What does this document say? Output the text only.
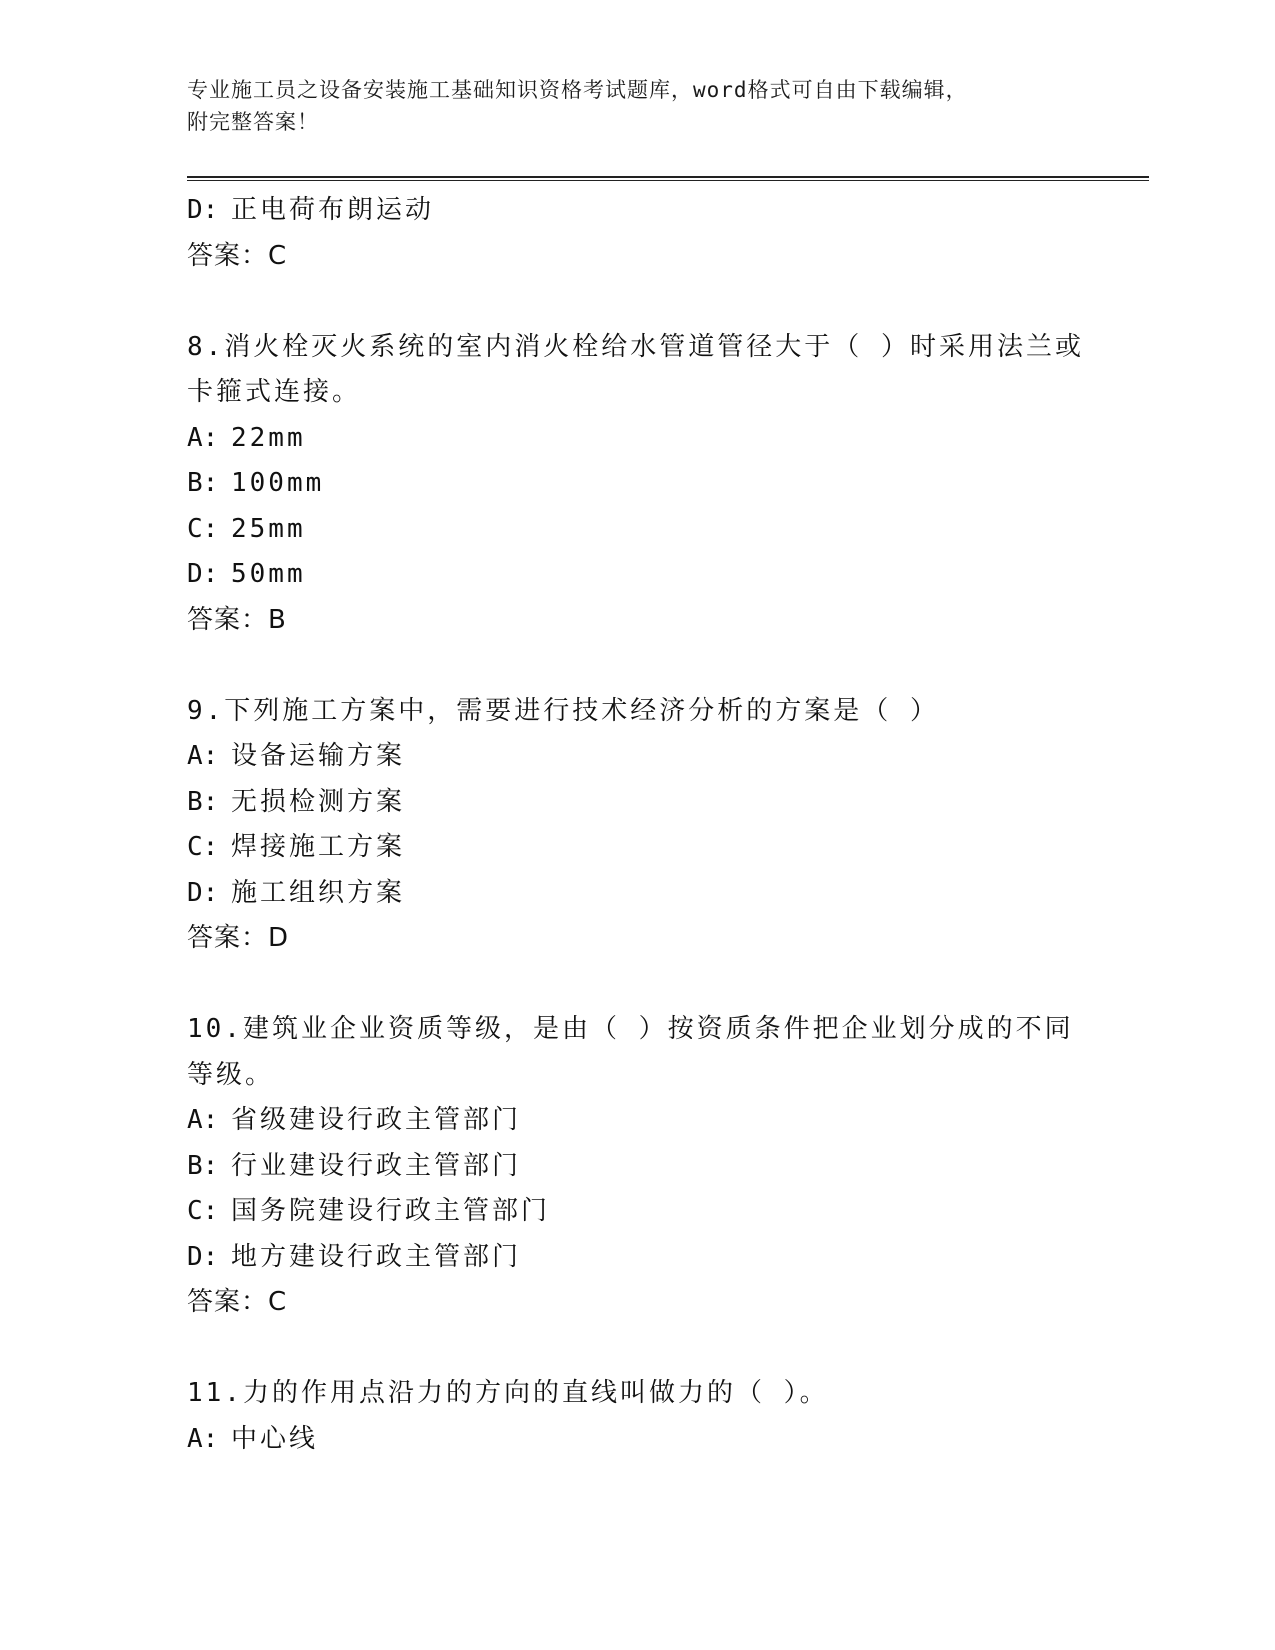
专业施工员之设备安装施工基础知识资格考试题库，word格式可自由下载编辑，
附完整答案！
D: 正电荷布朗运动
答案：C
8.消火栓灭火系统的室内消火栓给水管道管径大于（ ）时采用法兰或
卡箍式连接。
A: 22mm
B: 100mm
C: 25mm
D: 50mm
答案：B
9.下列施工方案中，需要进行技术经济分析的方案是（ ）
A: 设备运输方案
B: 无损检测方案
C: 焊接施工方案
D: 施工组织方案
答案：D
10.建筑业企业资质等级，是由（ ）按资质条件把企业划分成的不同
等级。
A: 省级建设行政主管部门
B: 行业建设行政主管部门
C: 国务院建设行政主管部门
D: 地方建设行政主管部门
答案：C
11.力的作用点沿力的方向的直线叫做力的（ ）。
A: 中心线
